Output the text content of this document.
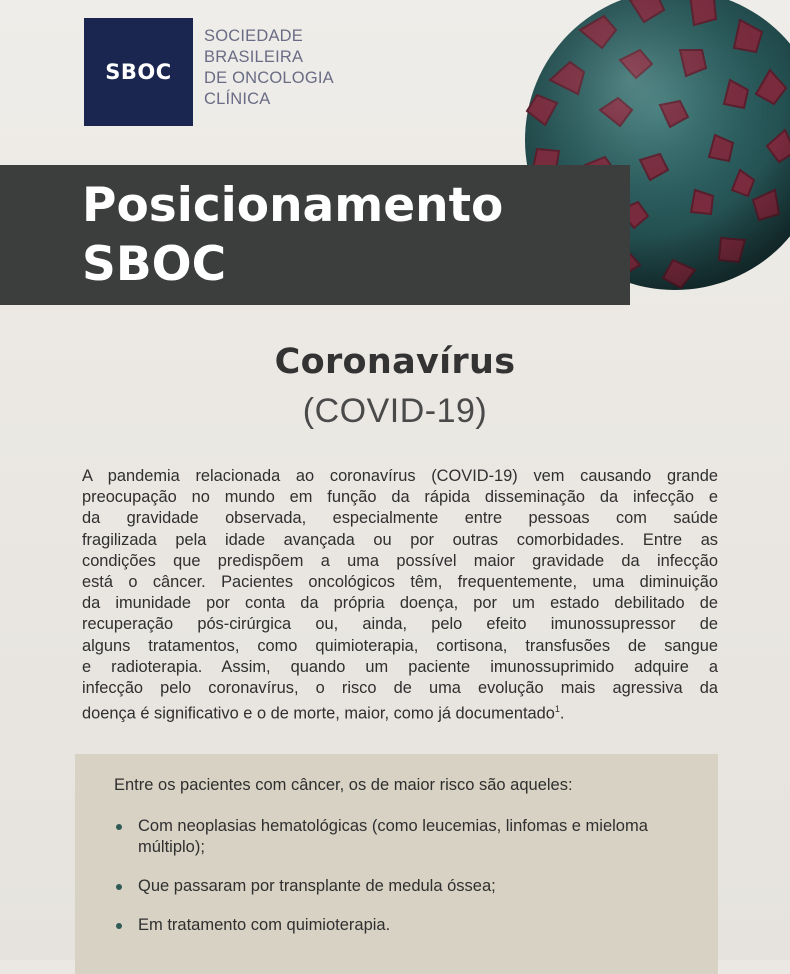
SBOC
SOCIEDADE
BRASILEIRA
DE ONCOLOGIA
CLÍNICA
Posicionamento
SBOC
Coronavírus
(COVID-19)
A pandemia relacionada ao coronavírus (COVID-19) vem causando grande
preocupação no mundo em função da rápida disseminação da infecção e
da gravidade observada, especialmente entre pessoas com saúde
fragilizada pela idade avançada ou por outras comorbidades. Entre as
condições que predispõem a uma possível maior gravidade da infecção
está o câncer. Pacientes oncológicos têm, frequentemente, uma diminuição
da imunidade por conta da própria doença, por um estado debilitado de
recuperação pós-cirúrgica ou, ainda, pelo efeito imunossupressor de
alguns tratamentos, como quimioterapia, cortisona, transfusões de sangue
e radioterapia. Assim, quando um paciente imunossuprimido adquire a
infecção pelo coronavírus, o risco de uma evolução mais agressiva da
doença é significativo e o de morte, maior, como já documentado$^1$.
Entre os pacientes com câncer, os de maior risco são aqueles:
Com neoplasias hematológicas (como leucemias, linfomas e mieloma múltiplo);
Que passaram por transplante de medula óssea;
Em tratamento com quimioterapia.
